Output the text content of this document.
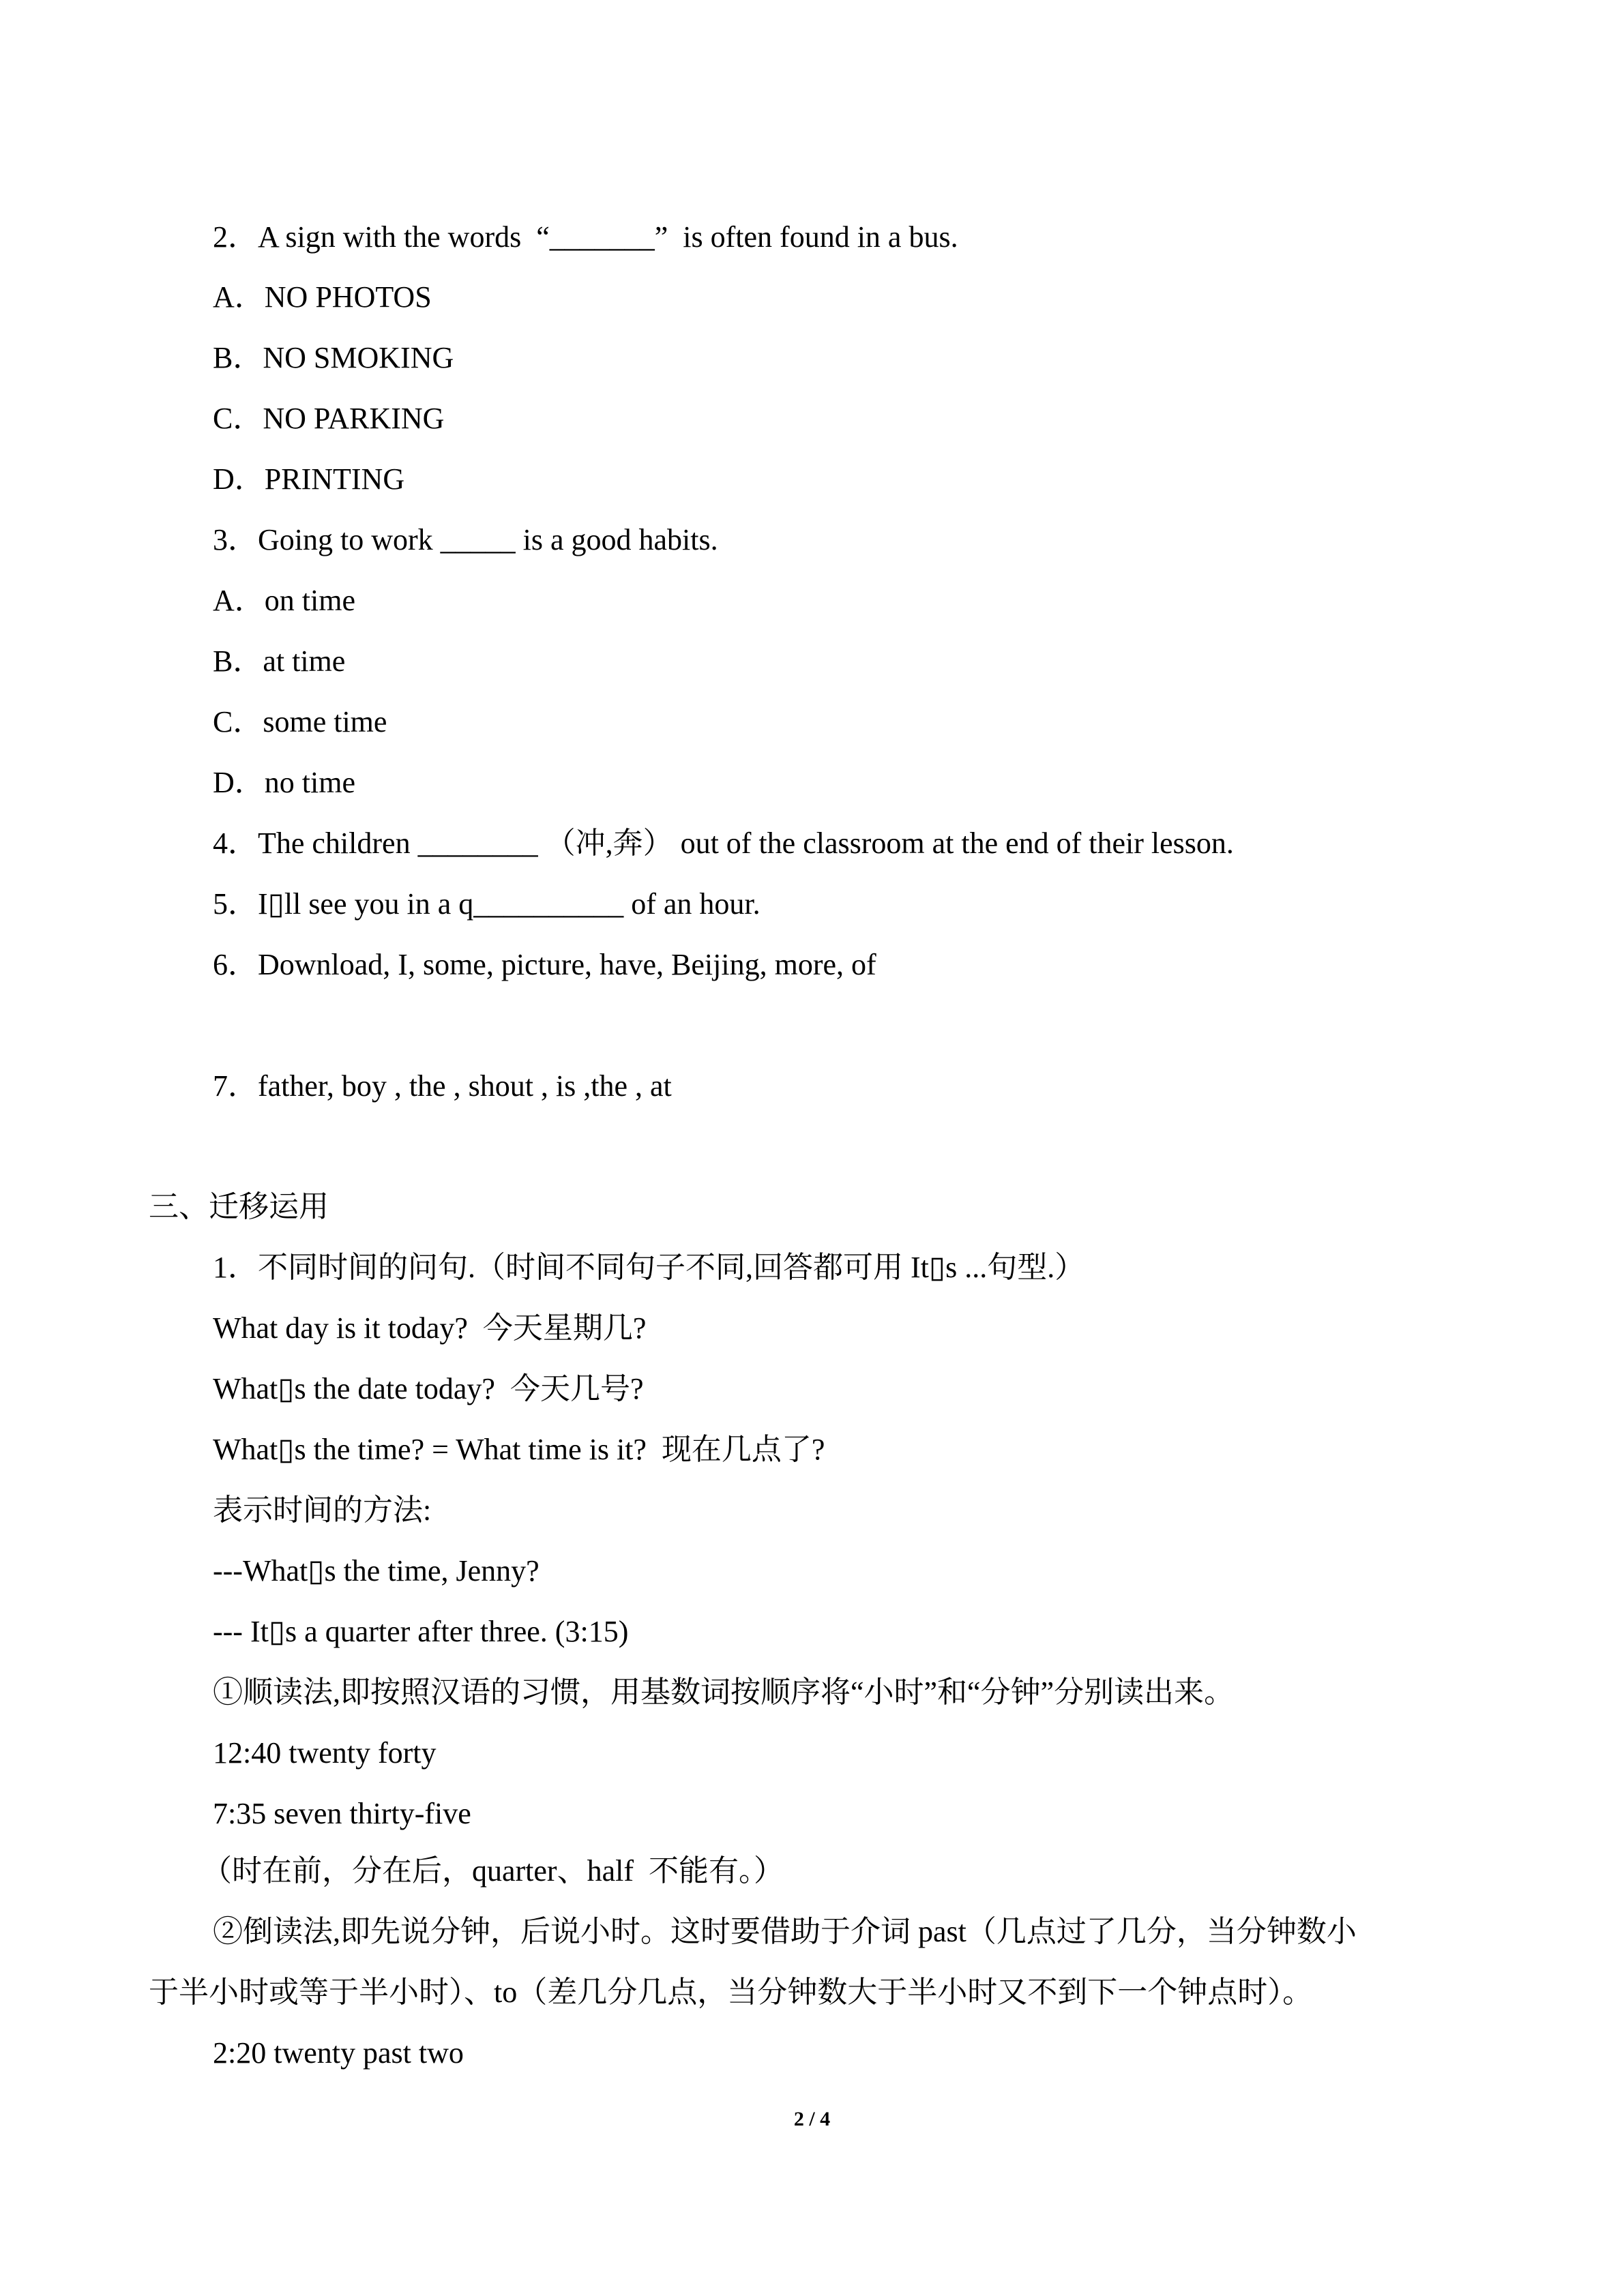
2．A sign with the words  “_______”  is often found in a bus.
A．NO PHOTOS
B．NO SMOKING
C．NO PARKING
D．PRINTING
3．Going to work _____ is a good habits.
A．on time
B．at time
C．some time
D．no time
4．The children ________ （冲,奔） out of the classroom at the end of their lesson.
5．I▯ll see you in a q__________ of an hour.
6．Download, I, some, picture, have, Beijing, more, of
7．father, boy , the , shout , is ,the , at
三、迁移运用
1．不同时间的问句.（时间不同句子不同,回答都可用 It▯s ...句型.）
What day is it today?  今天星期几?
What▯s the date today?  今天几号?
What▯s the time? = What time is it?  现在几点了?
表示时间的方法:
---What▯s the time, Jenny?
--- It▯s a quarter after three. (3:15)
①顺读法,即按照汉语的习惯，用基数词按顺序将“小时”和“分钟”分别读出来。
12:40 twenty forty
7:35 seven thirty-five
（时在前，分在后，quarter、half  不能有。）
②倒读法,即先说分钟，后说小时。这时要借助于介词 past（几点过了几分，当分钟数小
于半小时或等于半小时）、to（差几分几点，当分钟数大于半小时又不到下一个钟点时）。
2:20 twenty past two
2 / 4
